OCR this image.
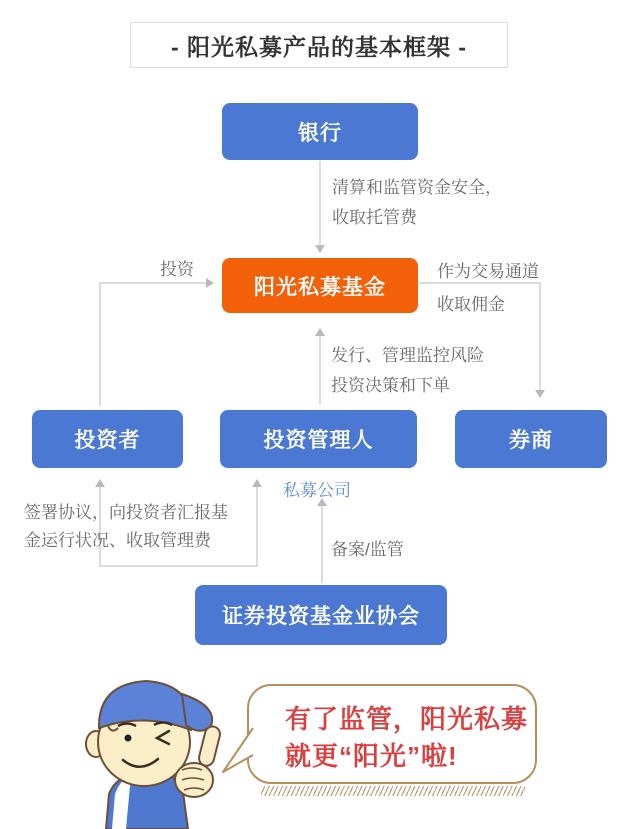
- 阳光私募产品的基本框架 -
银行
阳光私募基金
投资者	投资管理人	券商
证券投资基金业协会
清算和监管资金安全，
收取托管费
投资	作为交易通道
收取佣金
发行、管理监控风险
投资决策和下单
签署协议，向投资者汇报基
金运行状况、收取管理费	备案/监管
私募公司
有了监管，阳光私募
就更“阳光”啦!
